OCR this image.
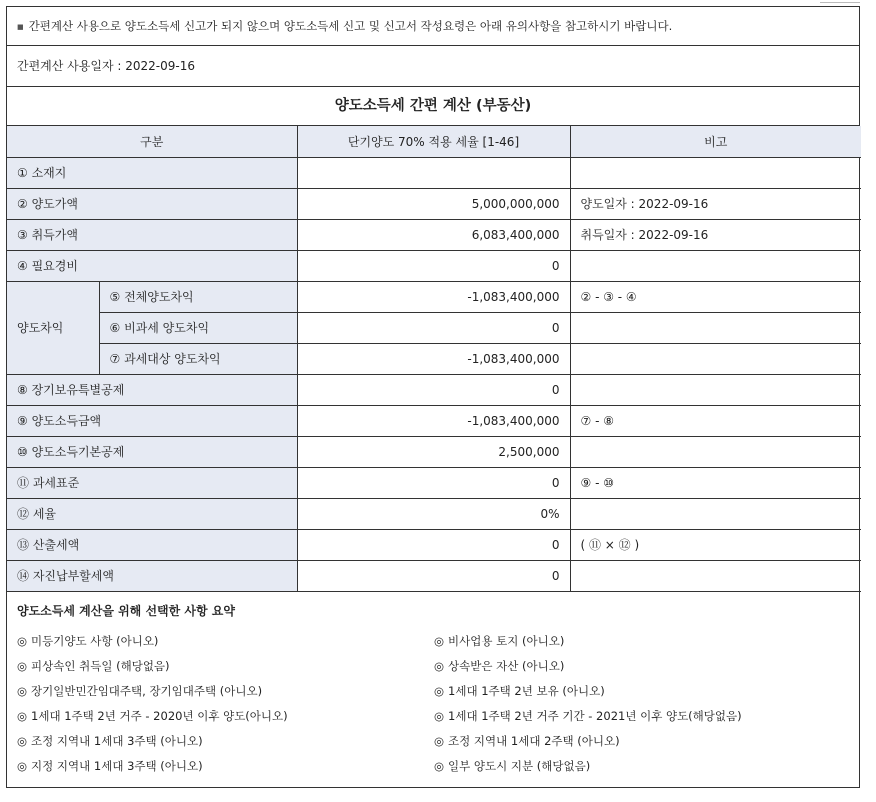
■ 간편계산 사용으로 양도소득세 신고가 되지 않으며 양도소득세 신고 및 신고서 작성요령은 아래 유의사항을 참고하시기 바랍니다.
간편계산 사용일자 : 2022-09-16
양도소득세 간편 계산 (부동산)
구분		단기양도 70% 적용 세율 [1-46]	비고
① 소재지			
② 양도가액		5,000,000,000	양도일자 : 2022-09-16
③ 취득가액		6,083,400,000	취득일자 : 2022-09-16
④ 필요경비		0	
양도차익	⑤ 전체양도차익	-1,083,400,000	② - ③ - ④
	⑥ 비과세 양도차익	0	
	⑦ 과세대상 양도차익	-1,083,400,000	
⑧ 장기보유특별공제		0	
⑨ 양도소득금액		-1,083,400,000	⑦ - ⑧
⑩ 양도소득기본공제		2,500,000	
⑪ 과세표준		0	⑨ - ⑩
⑫ 세율		0%	
⑬ 산출세액		0	( ⑪ × ⑫ )
⑭ 자진납부할세액		0	
양도소득세 계산을 위해 선택한 사항 요약
◎ 미등기양도 사항 (아니오)	◎ 비사업용 토지 (아니오)
◎ 피상속인 취득일 (해당없음)	◎ 상속받은 자산 (아니오)
◎ 장기일반민간임대주택, 장기임대주택 (아니오)	◎ 1세대 1주택 2년 보유 (아니오)
◎ 1세대 1주택 2년 거주 - 2020년 이후 양도(아니오)	◎ 1세대 1주택 2년 거주 기간 - 2021년 이후 양도(해당없음)
◎ 조정 지역내 1세대 3주택 (아니오)	◎ 조정 지역내 1세대 2주택 (아니오)
◎ 지정 지역내 1세대 3주택 (아니오)	◎ 일부 양도시 지분 (해당없음)
